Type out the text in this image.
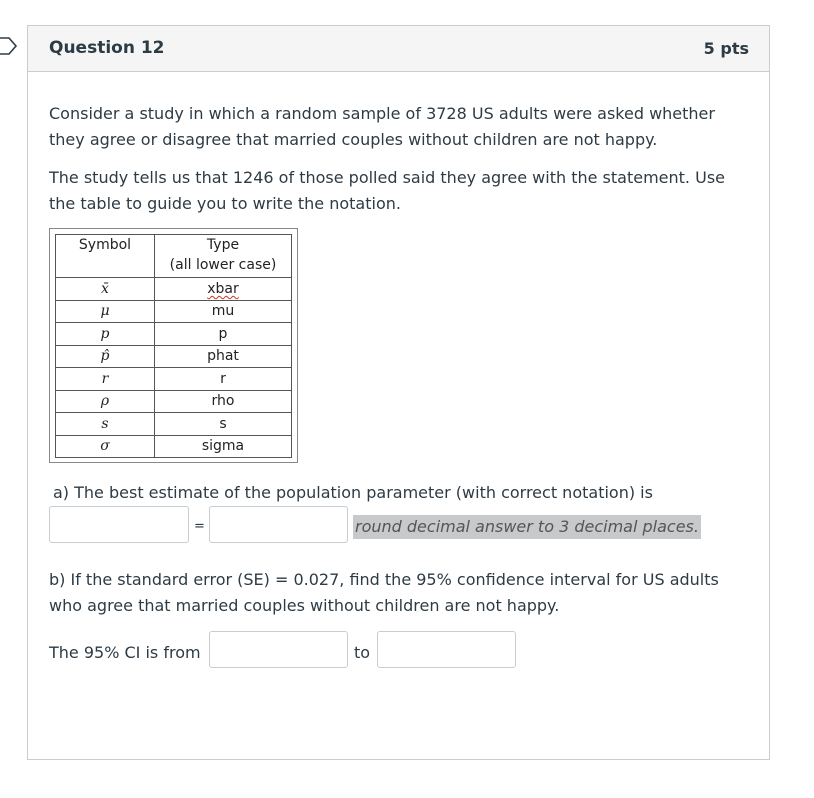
Question 12	5 pts
Consider a study in which a random sample of 3728 US adults were asked whether they agree or disagree that married couples without children are not happy.
The study tells us that 1246 of those polled said they agree with the statement. Use the table to guide you to write the notation.
Symbol	Type
(all lower case)
x̄	xbar
μ	mu
p	p
p̂	phat
r	r
ρ	rho
s	s
σ	sigma
a) The best estimate of the population parameter (with correct notation) is
=	round decimal answer to 3 decimal places.
b) If the standard error (SE) = 0.027, find the 95% confidence interval for US adults who agree that married couples without children are not happy.
The 95% CI is from	to
